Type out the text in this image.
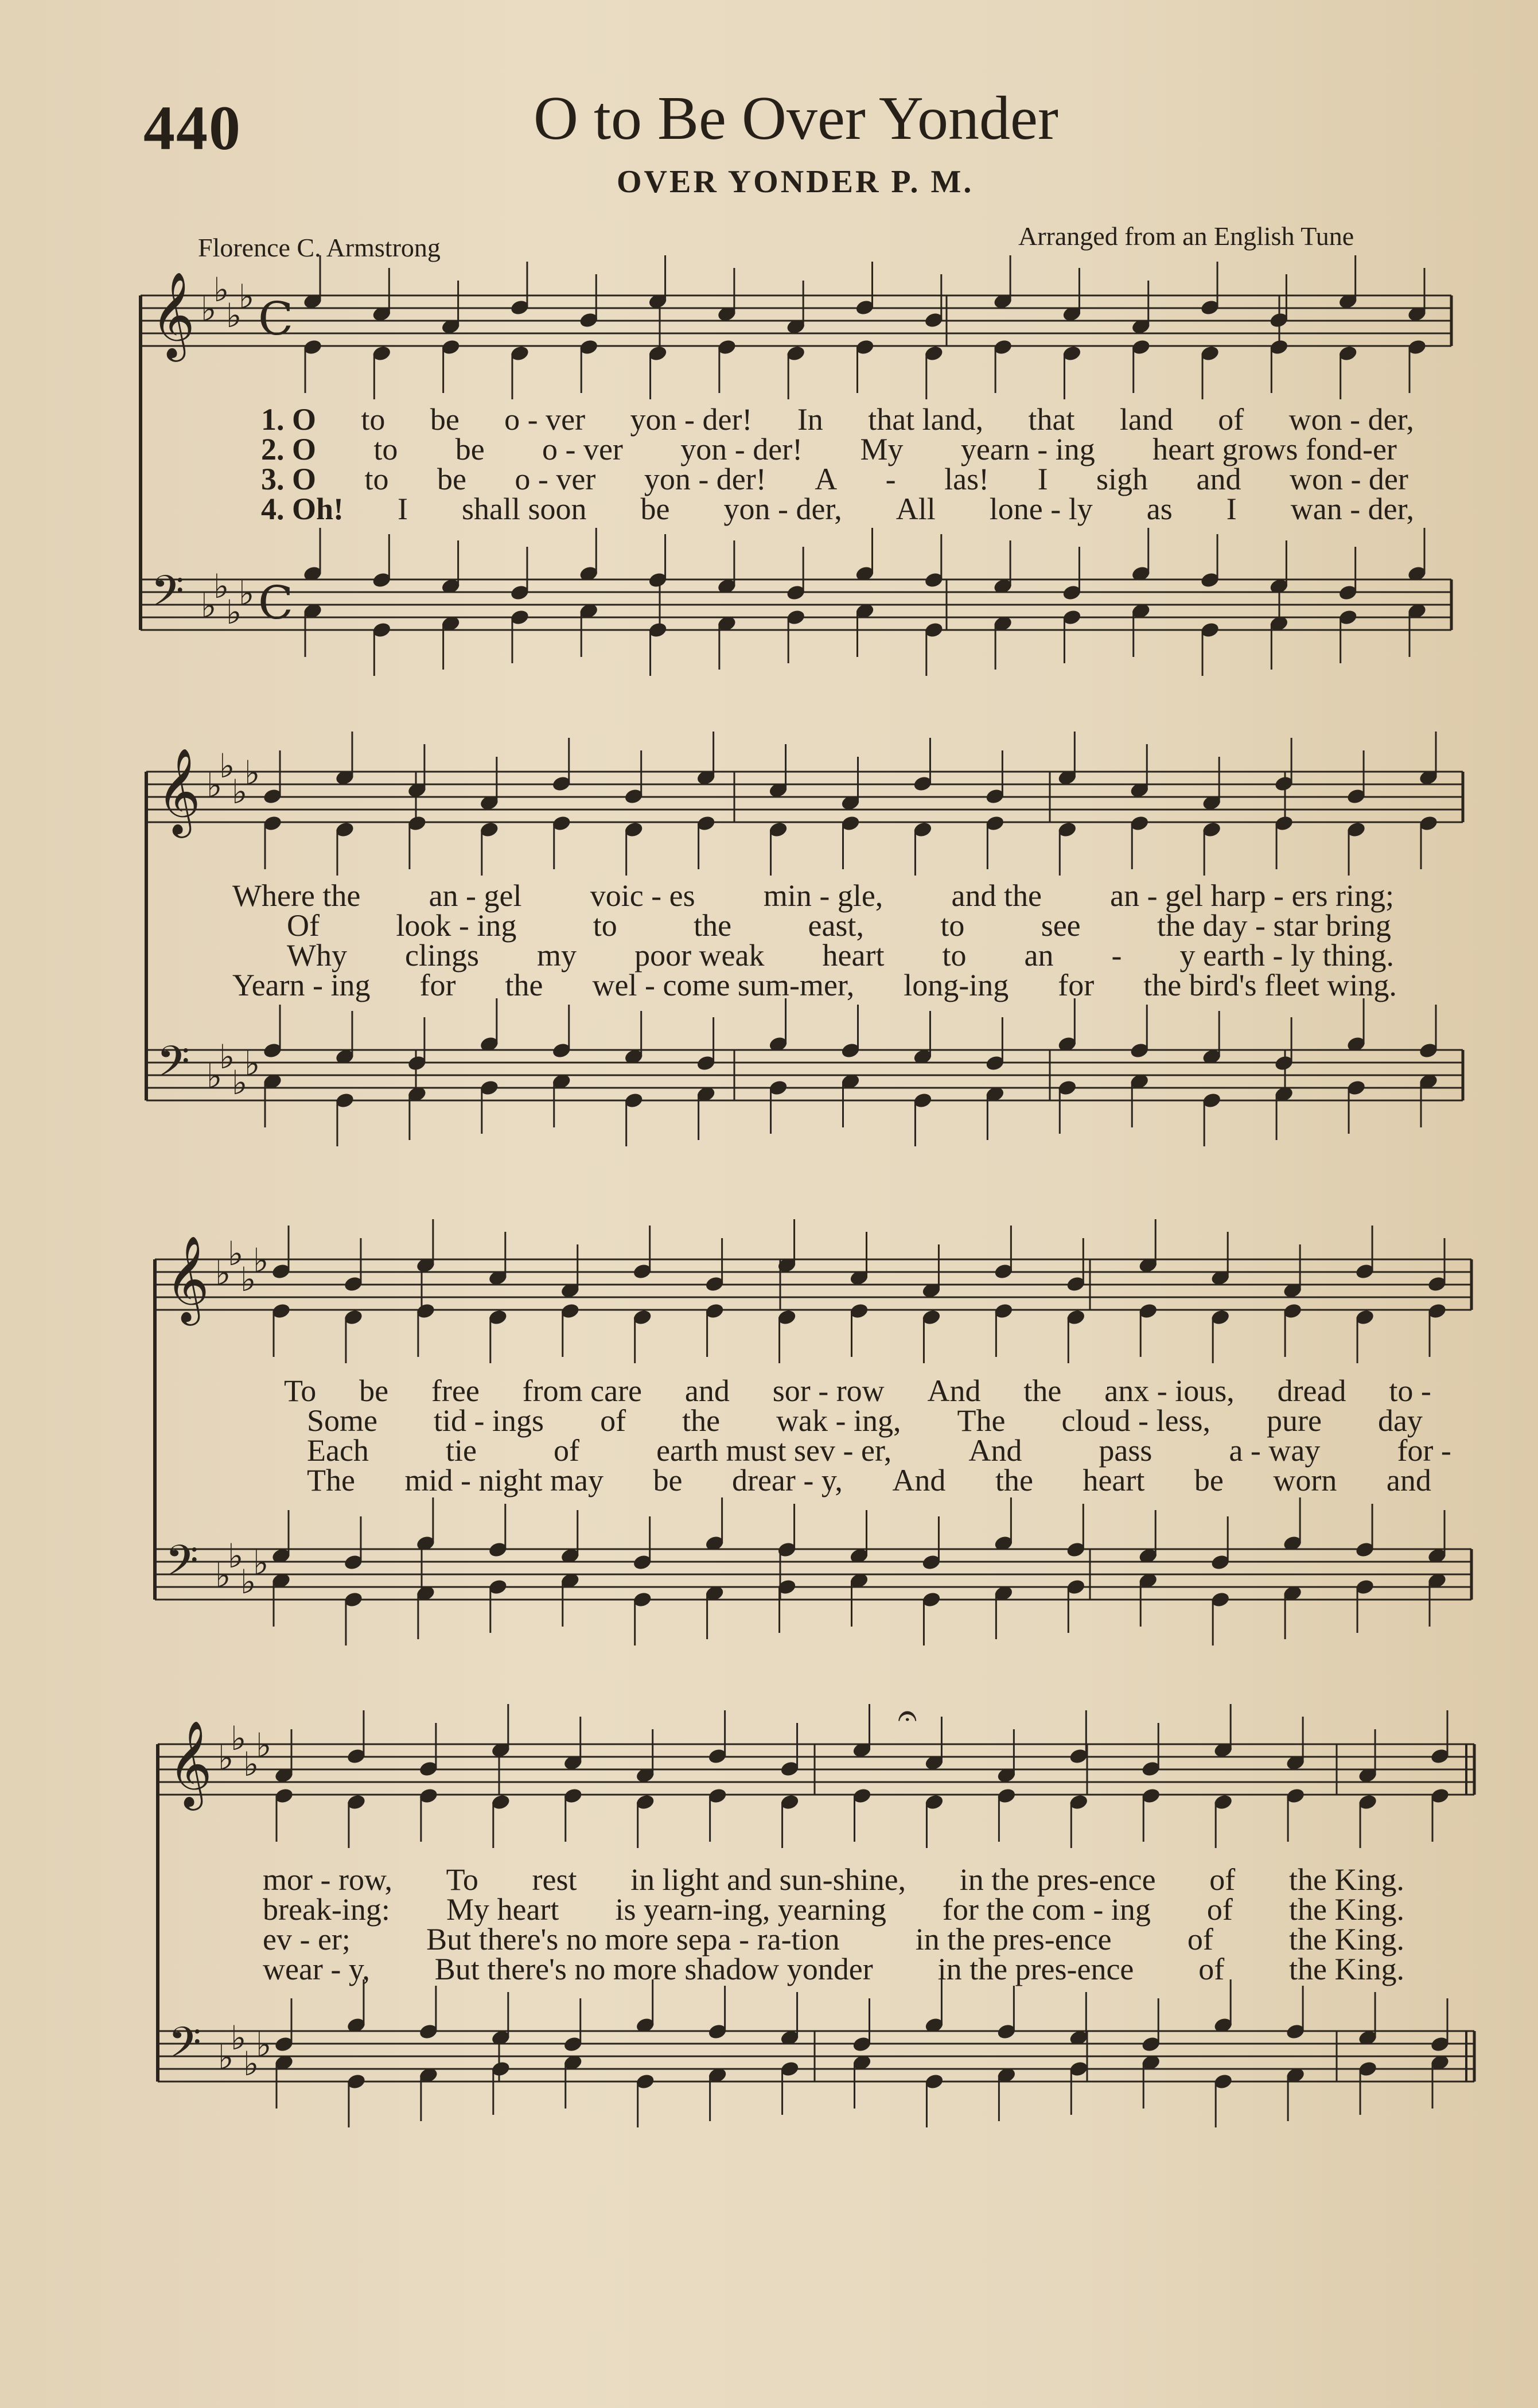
440	O to Be Over Yonder
OVER YONDER P. M.
Florence C. Armstrong	Arranged from an English Tune
𝄞 ♭
♭
♭
♭ C
𝄢 ♭
♭
♭
♭ C
𝄞 ♭
♭
♭
♭
𝄢 ♭
♭
♭
♭
𝄞 ♭
♭
♭
♭
𝄢 ♭
♭
♭
♭
𝄞 ♭
♭
♭
♭
𝄢 ♭
♭
♭
♭
𝄐
1. O to be o - ver yon - der! In that land, that land of won - der,
2. O to be o - ver yon - der! My yearn - ing heart grows fond-er
3. O to be o - ver yon - der! A - las! I sigh and won - der
4. Oh! I shall soon be yon - der, All lone - ly as I wan - der,
Where the an - gel voic - es min - gle, and the an - gel harp - ers ring;
Of look - ing to the east, to see the day - star bring
Why clings my poor weak heart to an - y earth - ly thing.
Yearn - ing for the wel - come sum-mer, long-ing for the bird's fleet wing.
To be free from care and sor - row And the anx - ious, dread to -
Some tid - ings of the wak - ing, The cloud - less, pure day
Each tie of earth must sev - er, And pass a - way for -
The mid - night may be drear - y, And the heart be worn and
mor - row, To rest in light and sun-shine, in the pres-ence of the King.
break-ing: My heart is yearn-ing, yearning for the com - ing of the King.
ev - er; But there's no more sepa - ra-tion in the pres-ence of the King.
wear - y, But there's no more shadow yonder in the pres-ence of the King.
